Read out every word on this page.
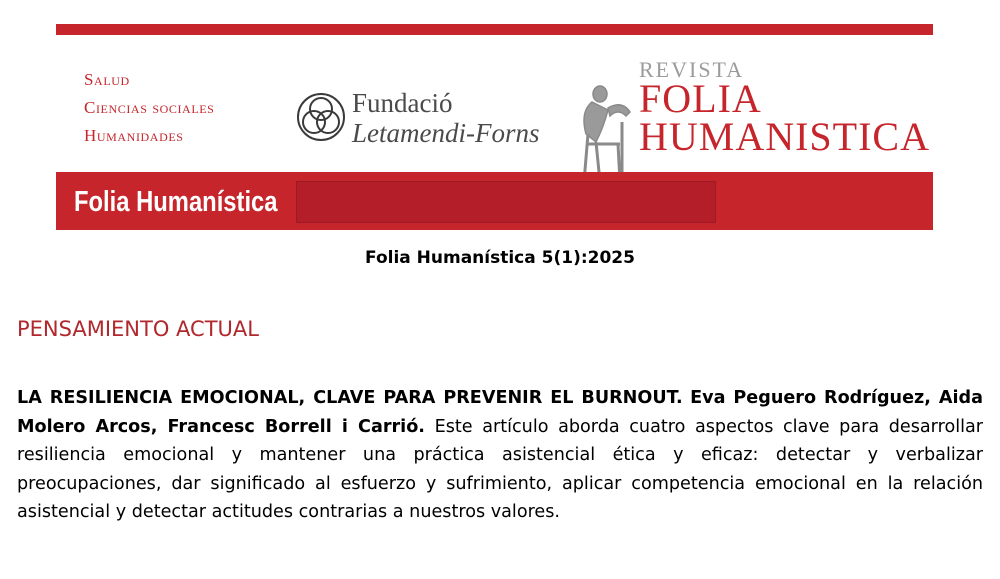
Salud
Ciencias sociales
Humanidades
Fundació
Letamendi-Forns
REVISTA
FOLIA
HUMANISTICA
Folia Humanística
Folia Humanística 5(1):2025
PENSAMIENTO ACTUAL
LA RESILIENCIA EMOCIONAL, CLAVE PARA PREVENIR EL BURNOUT. Eva Peguero Rodríguez, Aida Molero Arcos, Francesc Borrell i Carrió. Este artículo aborda cuatro aspectos clave para desarrollar resiliencia emocional y mantener una práctica asistencial ética y eficaz: detectar y verbalizar preocupaciones, dar significado al esfuerzo y sufrimiento, aplicar competencia emocional en la relación asistencial y detectar actitudes contrarias a nuestros valores.
